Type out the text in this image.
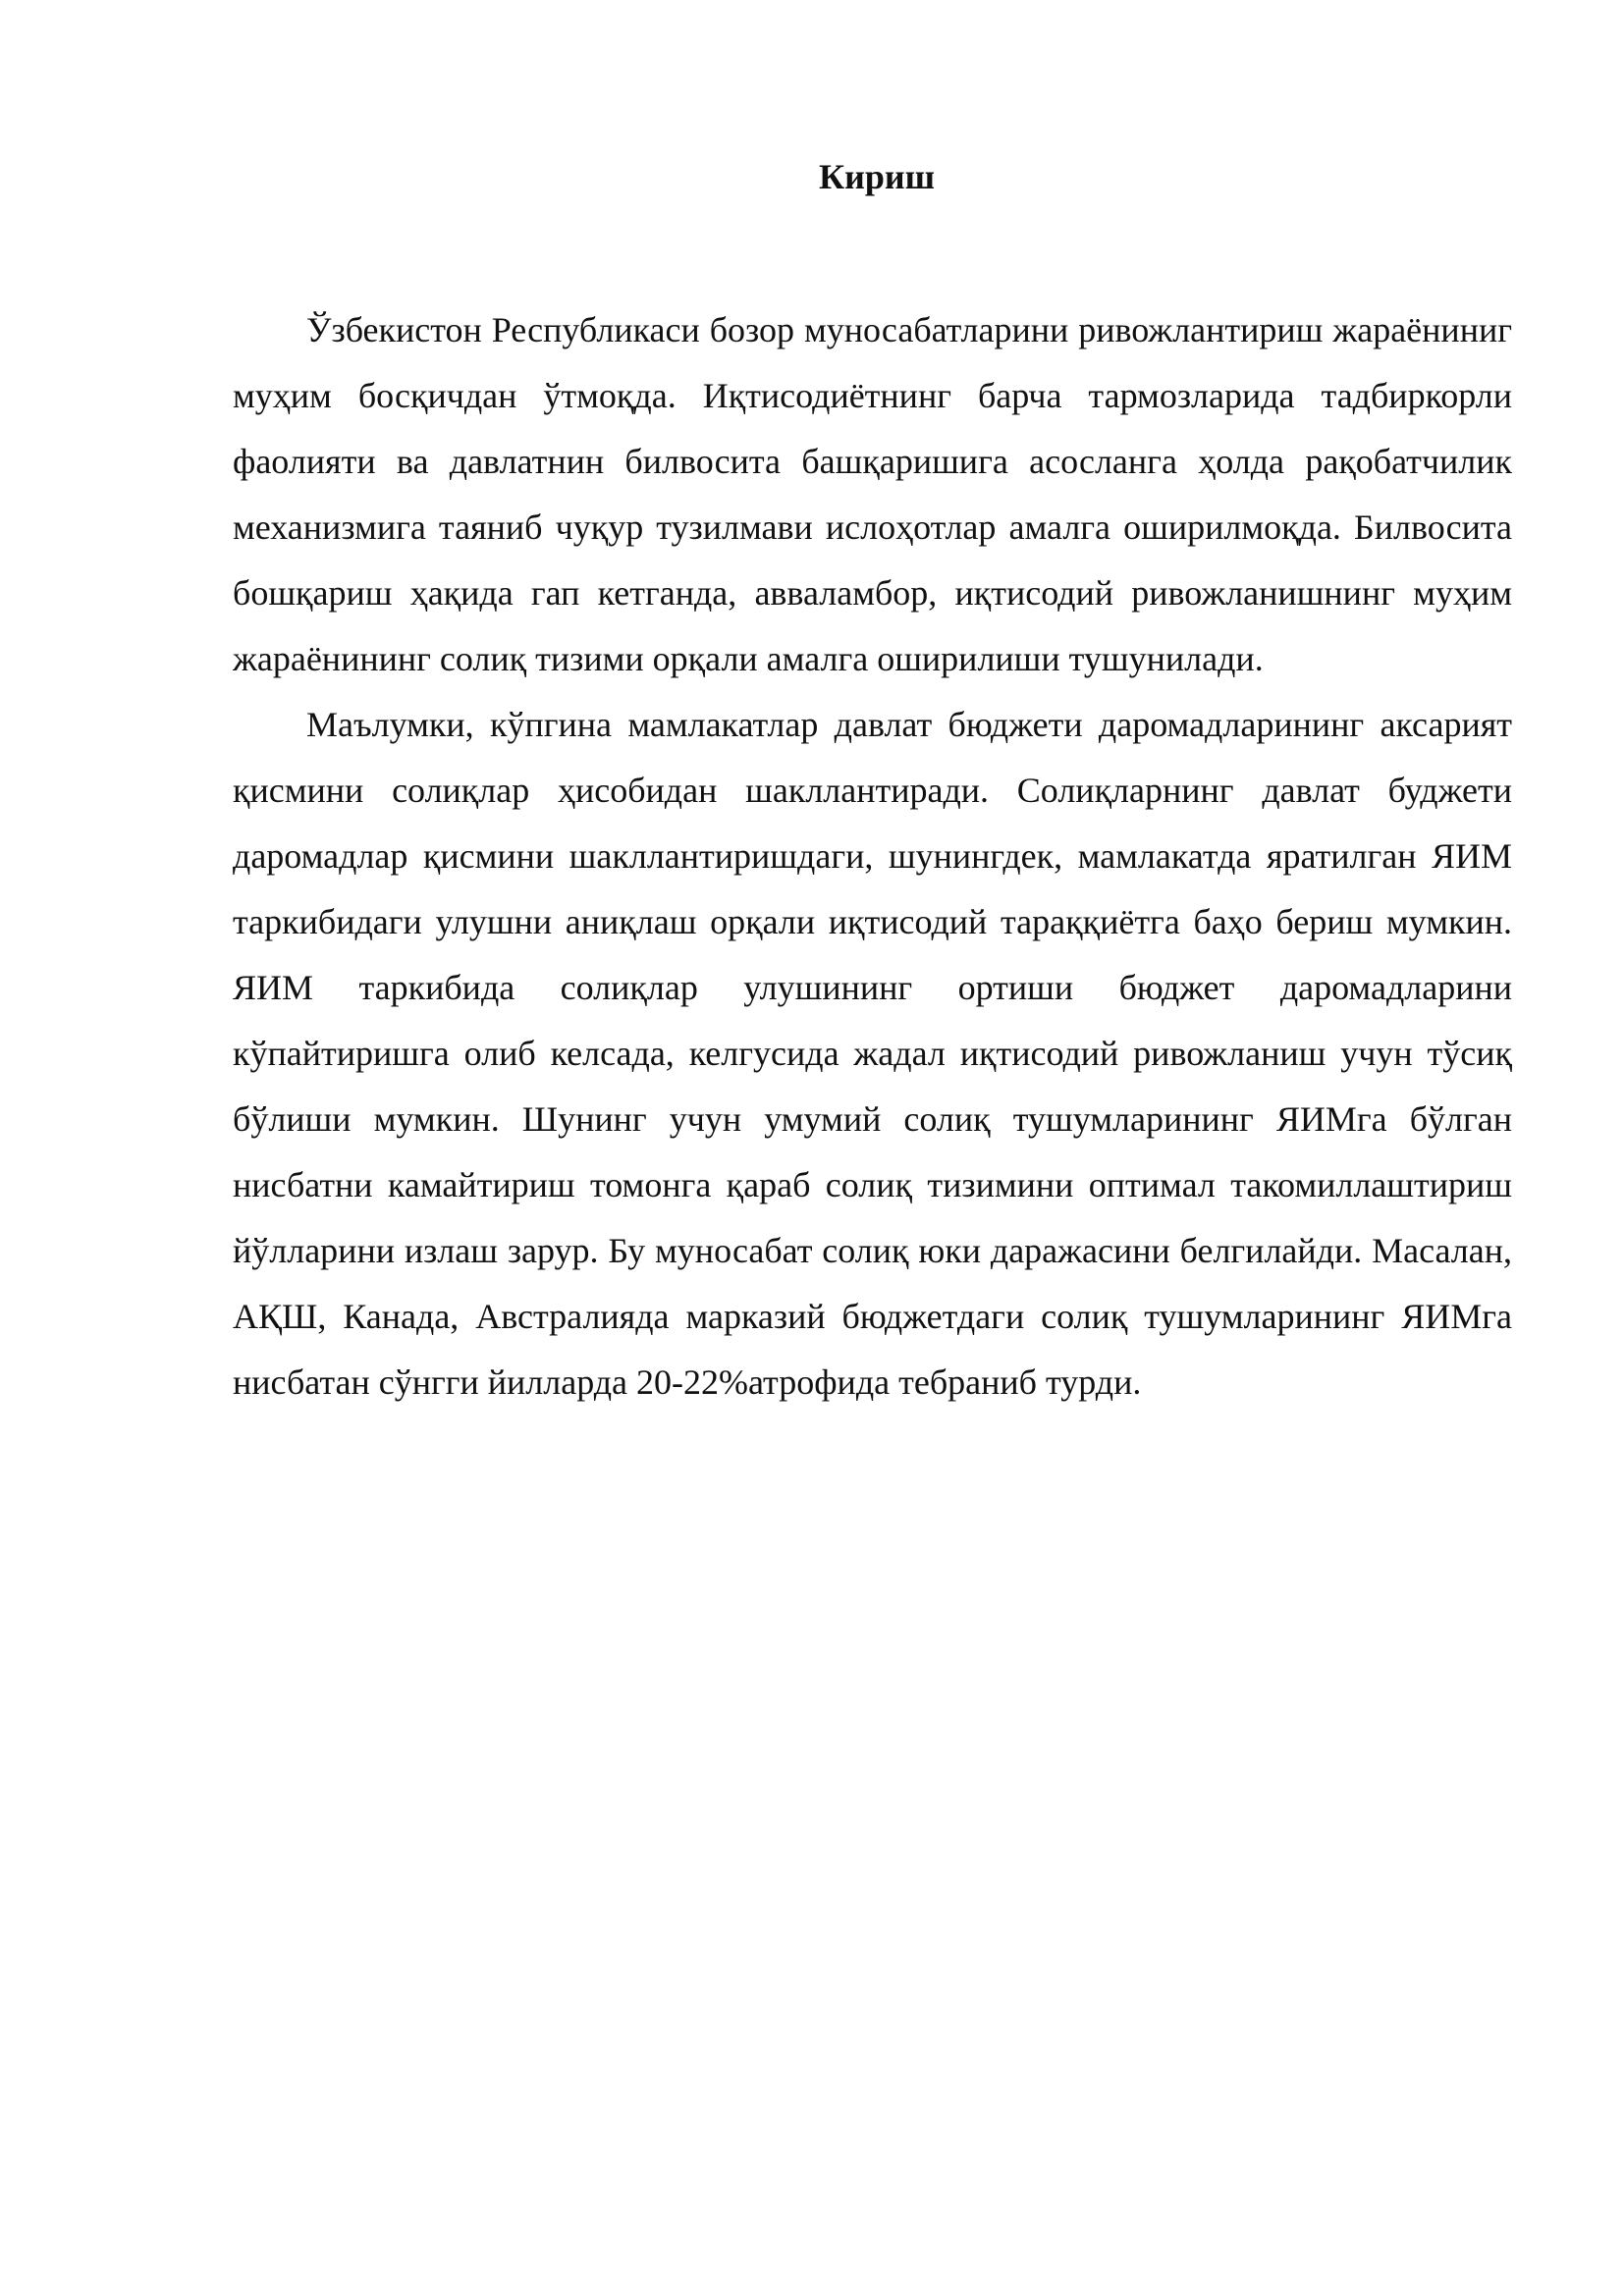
Кириш

Ўзбекистон Республикаси бозор муносабатларини ривожлантириш жараёниниг муҳим босқичдан ўтмоқда. Иқтисодиётнинг барча тармозларида тадбиркорли фаолияти ва давлатнин билвосита башқаришига асосланга ҳолда рақобатчилик механизмига таяниб чуқур тузилмави ислоҳотлар амалга оширилмоқда. Билвосита бошқариш ҳақида гап кетганда, авваламбор, иқтисодий ривожланишнинг муҳим жараёнининг солиқ тизими орқали амалга оширилиши тушунилади.

Маълумки, кўпгина мамлакатлар давлат бюджети даромадларининг аксарият қисмини солиқлар ҳисобидан шакллантиради. Солиқларнинг давлат буджети даромадлар қисмини шакллантиришдаги, шунингдек, мамлакатда яратилган ЯИМ таркибидаги улушни аниқлаш орқали иқтисодий тараққиётга баҳо бериш мумкин. ЯИМ таркибида солиқлар улушининг ортиши бюджет даромадларини кўпайтиришга олиб келсада, келгусида жадал иқтисодий ривожланиш учун тўсиқ бўлиши мумкин. Шунинг учун умумий солиқ тушумларининг ЯИМга бўлган нисбатни камайтириш томонга қараб солиқ тизимини оптимал такомиллаштириш йўлларини излаш зарур. Бу муносабат солиқ юки даражасини белгилайди. Масалан, АҚШ, Канада, Австралияда марказий бюджетдаги солиқ тушумларининг ЯИМга нисбатан сўнгги йилларда 20-22%атрофида тебраниб турди.
